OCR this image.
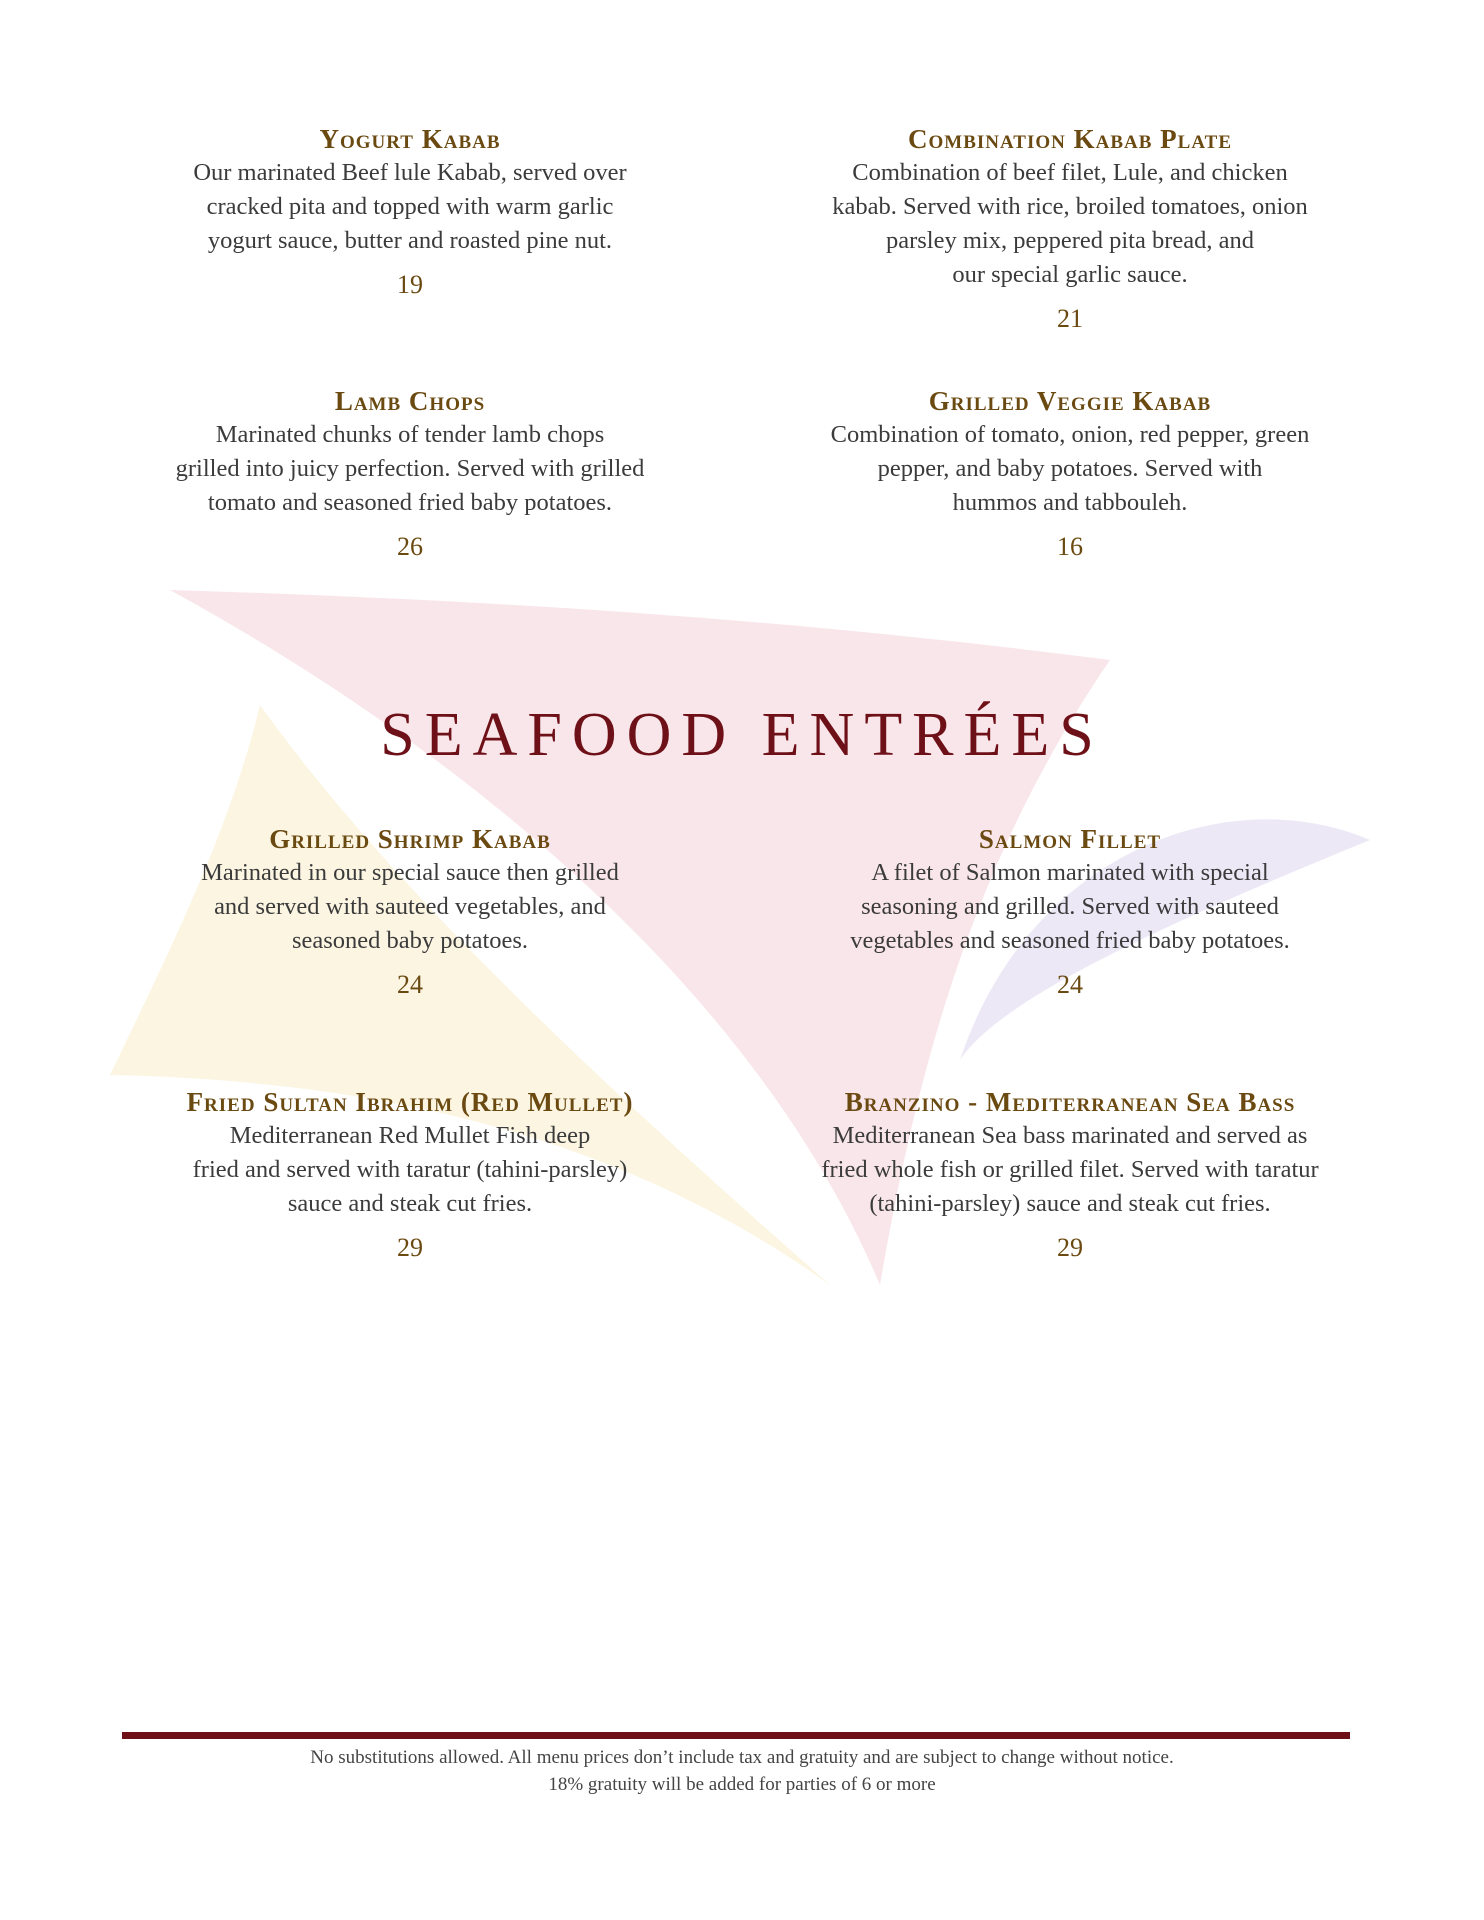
Yogurt Kabab
Our marinated Beef lule Kabab, served over
cracked pita and topped with warm garlic
yogurt sauce, butter and roasted pine nut.
19
Combination Kabab Plate
Combination of beef filet, Lule, and chicken
kabab. Served with rice, broiled tomatoes, onion
parsley mix, peppered pita bread, and
our special garlic sauce.
21
Lamb Chops
Marinated chunks of tender lamb chops
grilled into juicy perfection. Served with grilled
tomato and seasoned fried baby potatoes.
26
Grilled Veggie Kabab
Combination of tomato, onion, red pepper, green
pepper, and baby potatoes. Served with
hummos and tabbouleh.
16
SEAFOOD ENTRÉES
Grilled Shrimp Kabab
Marinated in our special sauce then grilled
and served with sauteed vegetables, and
seasoned baby potatoes.
24
Salmon Fillet
A filet of Salmon marinated with special
seasoning and grilled. Served with sauteed
vegetables and seasoned fried baby potatoes.
24
Fried Sultan Ibrahim (Red Mullet)
Mediterranean Red Mullet Fish deep
fried and served with taratur (tahini-parsley)
sauce and steak cut fries.
29
Branzino - Mediterranean Sea Bass
Mediterranean Sea bass marinated and served as
fried whole fish or grilled filet. Served with taratur
(tahini-parsley) sauce and steak cut fries.
29
No substitutions allowed. All menu prices don’t include tax and gratuity and are subject to change without notice.
18% gratuity will be added for parties of 6 or more
